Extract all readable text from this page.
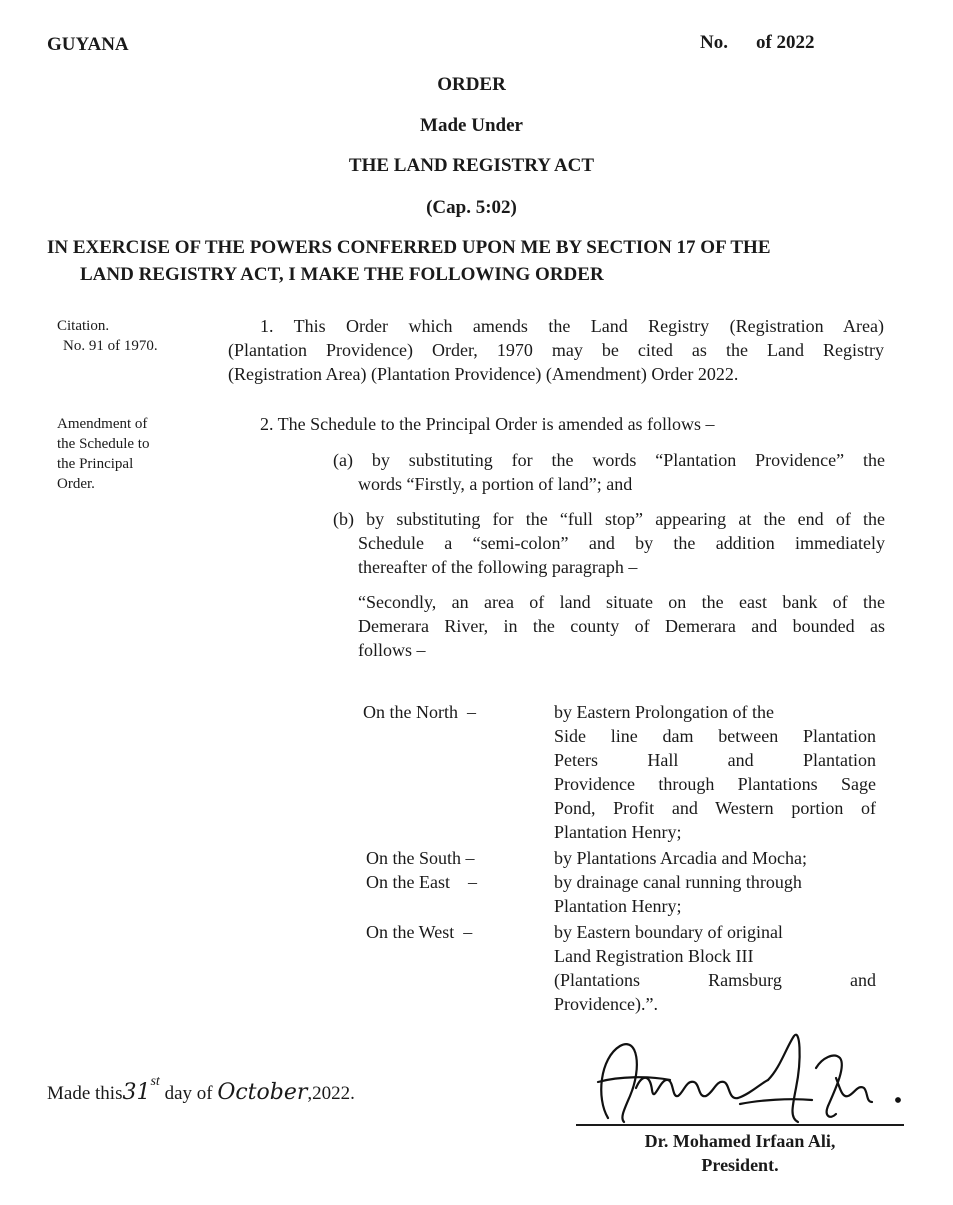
GUYANA	No. of 2022
ORDER
Made Under
THE LAND REGISTRY ACT
(Cap. 5:02)
IN EXERCISE OF THE POWERS CONFERRED UPON ME BY SECTION 17 OF THE
LAND REGISTRY ACT, I MAKE THE FOLLOWING ORDER
Citation.
No. 91 of 1970.
1. This Order which amends the Land Registry (Registration Area)
(Plantation Providence) Order, 1970 may be cited as the Land Registry
(Registration Area) (Plantation Providence) (Amendment) Order 2022.
Amendment of
the Schedule to
the Principal
Order.
2. The Schedule to the Principal Order is amended as follows –
(a) by substituting for the words “Plantation Providence” the
words “Firstly, a portion of land”; and
(b) by substituting for the “full stop” appearing at the end of the
Schedule a “semi-colon” and by the addition immediately
thereafter of the following paragraph –
“Secondly, an area of land situate on the east bank of the
Demerara River, in the county of Demerara and bounded as
follows –
On the North  –	by Eastern Prolongation of the
Side line dam between Plantation
Peters Hall and Plantation
Providence through Plantations Sage
Pond, Profit and Western portion of
Plantation Henry;
On the South –	by Plantations Arcadia and Mocha;
On the East    –	by drainage canal running through
Plantation Henry;
On the West  –	by Eastern boundary of original
Land Registration Block III
(Plantations Ramsburg and
Providence).”.
Made this31st day of October,2022.
Dr. Mohamed Irfaan Ali,
President.
